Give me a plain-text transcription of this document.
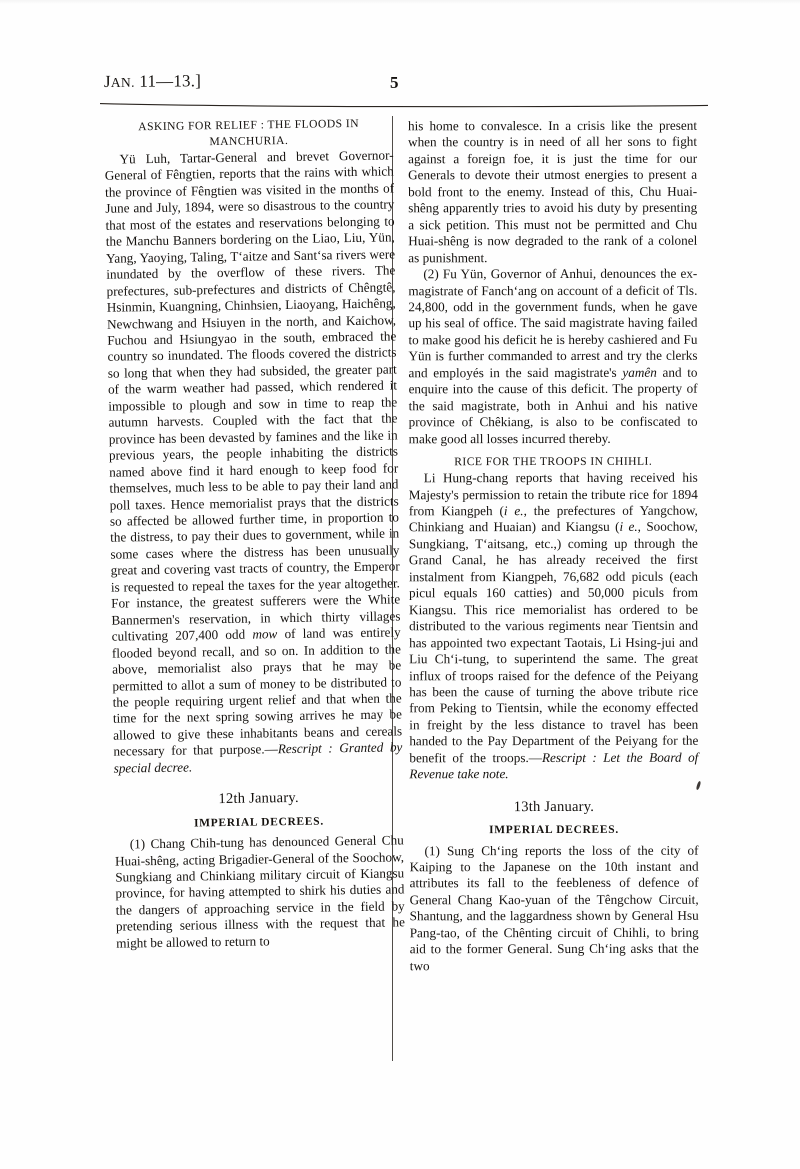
JAN. 11—13.]	5
ASKING FOR RELIEF : THE FLOODS IN
MANCHURIA.

Yü Luh, Tartar-General and brevet Governor-General of Fêngtien, reports that the rains with which the province of Fêngtien was visited in the months of June and July, 1894, were so disastrous to the country that most of the estates and reservations belonging to the Manchu Banners bordering on the Liao, Liu, Yün, Yang, Yaoying, Taling, T‘aitze and Sant‘sa rivers were inundated by the overflow of these rivers. The prefectures, sub-prefectures and districts of Chêngtê, Hsinmin, Kuangning, Chinhsien, Liaoyang, Haichêng, Newchwang and Hsiuyen in the north, and Kaichow, Fuchou and Hsiungyao in the south, embraced the country so inundated. The floods covered the districts so long that when they had subsided, the greater part of the warm weather had passed, which rendered it impossible to plough and sow in time to reap the autumn harvests. Coupled with the fact that the province has been devasted by famines and the like in previous years, the people inhabiting the districts named above find it hard enough to keep food for themselves, much less to be able to pay their land and poll taxes. Hence memorialist prays that the districts so affected be allowed further time, in proportion to the distress, to pay their dues to government, while in some cases where the distress has been unusually great and covering vast tracts of country, the Emperor is requested to repeal the taxes for the year altogether. For instance, the greatest sufferers were the White Bannermen's reservation, in which thirty villages cultivating 207,400 odd mow of land was entirely flooded beyond recall, and so on. In addition to the above, memorialist also prays that he may be permitted to allot a sum of money to be distributed to the people requiring urgent relief and that when the time for the next spring sowing arrives he may be allowed to give these inhabitants beans and cereals necessary for that purpose.—Rescript : Granted by special decree.

12th January.
IMPERIAL DECREES.

(1) Chang Chih-tung has denounced General Chu Huai-shêng, acting Brigadier-General of the Soochow, Sungkiang and Chinkiang military circuit of Kiangsu province, for having attempted to shirk his duties and the dangers of approaching service in the field by pretending serious illness with the request that he might be allowed to return to

his home to convalesce. In a crisis like the present when the country is in need of all her sons to fight against a foreign foe, it is just the time for our Generals to devote their utmost energies to present a bold front to the enemy. Instead of this, Chu Huai-shêng apparently tries to avoid his duty by presenting a sick petition. This must not be permitted and Chu Huai-shêng is now degraded to the rank of a colonel as punishment.

(2) Fu Yün, Governor of Anhui, denounces the ex-magistrate of Fanch‘ang on account of a deficit of Tls. 24,800, odd in the government funds, when he gave up his seal of office. The said magistrate having failed to make good his deficit he is hereby cashiered and Fu Yün is further commanded to arrest and try the clerks and employés in the said magistrate's yamên and to enquire into the cause of this deficit. The property of the said magistrate, both in Anhui and his native province of Chêkiang, is also to be confiscated to make good all losses incurred thereby.

RICE FOR THE TROOPS IN CHIHLI.

Li Hung-chang reports that having received his Majesty's permission to retain the tribute rice for 1894 from Kiangpeh (i e., the prefectures of Yangchow, Chinkiang and Huaian) and Kiangsu (i e., Soochow, Sungkiang, T‘aitsang, etc.,) coming up through the Grand Canal, he has already received the first instalment from Kiangpeh, 76,682 odd piculs (each picul equals 160 catties) and 50,000 piculs from Kiangsu. This rice memorialist has ordered to be distributed to the various regiments near Tientsin and has appointed two expectant Taotais, Li Hsing-jui and Liu Ch‘i-tung, to superintend the same. The great influx of troops raised for the defence of the Peiyang has been the cause of turning the above tribute rice from Peking to Tientsin, while the economy effected in freight by the less distance to travel has been handed to the Pay Department of the Peiyang for the benefit of the troops.—Rescript : Let the Board of Revenue take note.

13th January.
IMPERIAL DECREES.

(1) Sung Ch‘ing reports the loss of the city of Kaiping to the Japanese on the 10th instant and attributes its fall to the feebleness of defence of General Chang Kao-yuan of the Têngchow Circuit, Shantung, and the laggardness shown by General Hsu Pang-tao, of the Chênting circuit of Chihli, to bring aid to the former General. Sung Ch‘ing asks that the two
